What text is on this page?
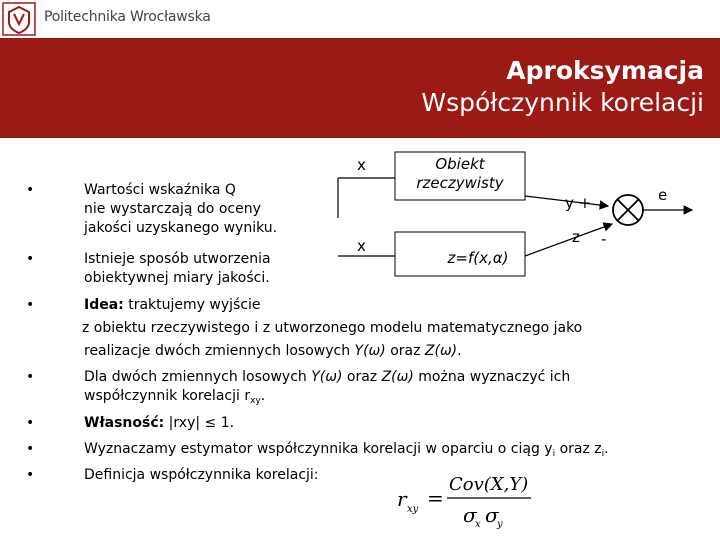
Politechnika Wrocławska
Aproksymacja
Współczynnik korelacji
x	Obiekt
rzeczywisty
x
z=f(x,α)
y +
z -
e
•	Wartości wskaźnika Q
nie wystarczają do oceny
jakości uzyskanego wyniku.
•	Istnieje sposób utworzenia
obiektywnej miary jakości.
•	Idea: traktujemy wyjście
z obiektu rzeczywistego i z utworzonego modelu matematycznego jako
realizacje dwóch zmiennych losowych Y(ω) oraz Z(ω).
•	Dla dwóch zmiennych losowych Y(ω) oraz Z(ω) można wyznaczyć ich
współczynnik korelacji $r_{xy}$.
•	Własność: |rxy| ≤ 1.
•	Wyznaczamy estymator współczynnika korelacji w oparciu o ciąg $y_i$ oraz $z_i$.
•	Definicja współczynnika korelacji:
r xy =
Cov(X,Y)
σ
x σ
y
